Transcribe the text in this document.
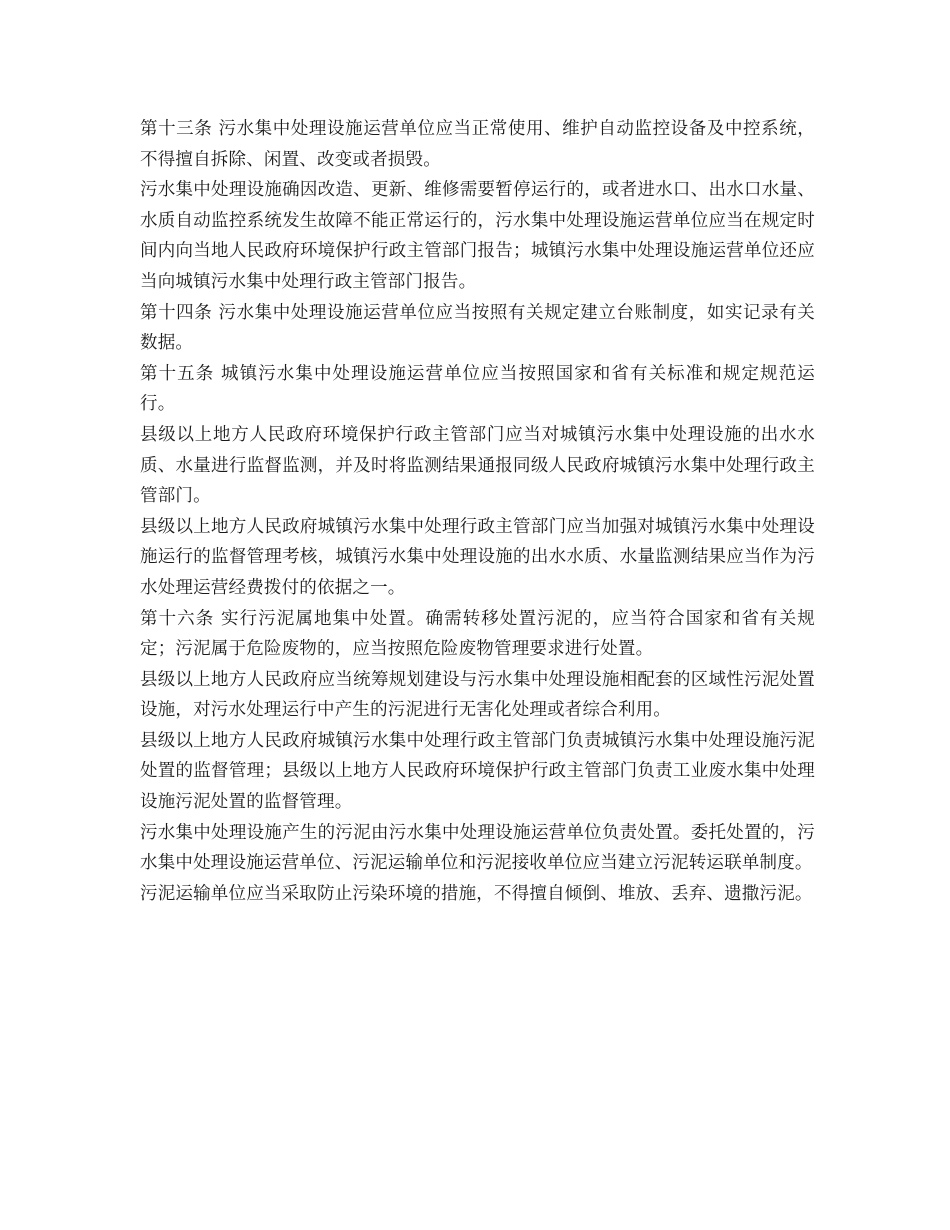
第十三条 污水集中处理设施运营单位应当正常使用、维护自动监控设备及中控系统，不得擅自拆除、闲置、改变或者损毁。

污水集中处理设施确因改造、更新、维修需要暂停运行的，或者进水口、出水口水量、水质自动监控系统发生故障不能正常运行的，污水集中处理设施运营单位应当在规定时间内向当地人民政府环境保护行政主管部门报告；城镇污水集中处理设施运营单位还应当向城镇污水集中处理行政主管部门报告。

第十四条 污水集中处理设施运营单位应当按照有关规定建立台账制度，如实记录有关数据。

第十五条 城镇污水集中处理设施运营单位应当按照国家和省有关标准和规定规范运行。

县级以上地方人民政府环境保护行政主管部门应当对城镇污水集中处理设施的出水水质、水量进行监督监测，并及时将监测结果通报同级人民政府城镇污水集中处理行政主管部门。

县级以上地方人民政府城镇污水集中处理行政主管部门应当加强对城镇污水集中处理设施运行的监督管理考核，城镇污水集中处理设施的出水水质、水量监测结果应当作为污水处理运营经费拨付的依据之一。

第十六条 实行污泥属地集中处置。确需转移处置污泥的，应当符合国家和省有关规定；污泥属于危险废物的，应当按照危险废物管理要求进行处置。

县级以上地方人民政府应当统筹规划建设与污水集中处理设施相配套的区域性污泥处置设施，对污水处理运行中产生的污泥进行无害化处理或者综合利用。

县级以上地方人民政府城镇污水集中处理行政主管部门负责城镇污水集中处理设施污泥处置的监督管理；县级以上地方人民政府环境保护行政主管部门负责工业废水集中处理设施污泥处置的监督管理。

污水集中处理设施产生的污泥由污水集中处理设施运营单位负责处置。委托处置的，污水集中处理设施运营单位、污泥运输单位和污泥接收单位应当建立污泥转运联单制度。

污泥运输单位应当采取防止污染环境的措施，不得擅自倾倒、堆放、丢弃、遗撒污泥。
